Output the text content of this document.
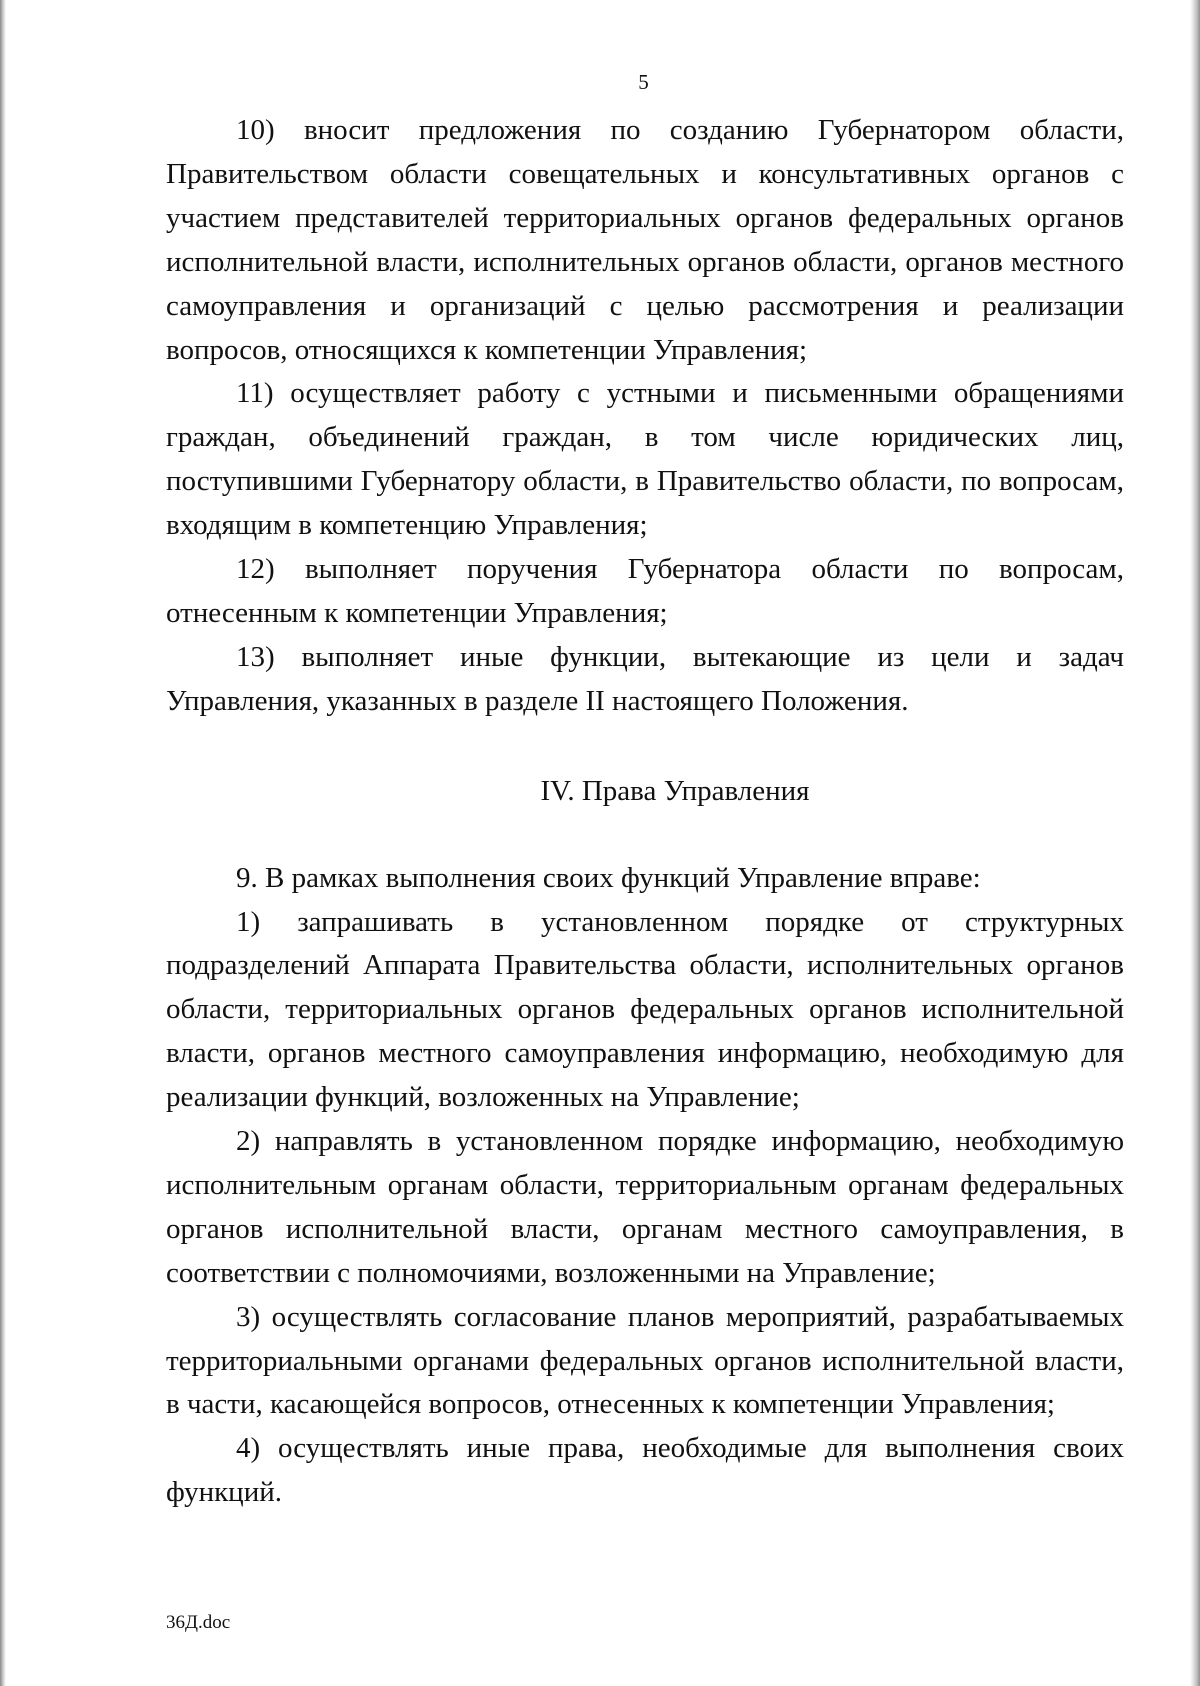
5

10) вносит предложения по созданию Губернатором области, Правительством области совещательных и консультативных органов с участием представителей территориальных органов федеральных органов исполнительной власти, исполнительных органов области, органов местного самоуправления и организаций с целью рассмотрения и реализации вопросов, относящихся к компетенции Управления;

11) осуществляет работу с устными и письменными обращениями граждан, объединений граждан, в том числе юридических лиц, поступившими Губернатору области, в Правительство области, по вопросам, входящим в компетенцию Управления;

12) выполняет поручения Губернатора области по вопросам, отнесенным к компетенции Управления;

13) выполняет иные функции, вытекающие из цели и задач Управления, указанных в разделе II настоящего Положения.

IV. Права Управления

9. В рамках выполнения своих функций Управление вправе:

1) запрашивать в установленном порядке от структурных подразделений Аппарата Правительства области, исполнительных органов области, территориальных органов федеральных органов исполнительной власти, органов местного самоуправления информацию, необходимую для реализации функций, возложенных на Управление;

2) направлять в установленном порядке информацию, необходимую исполнительным органам области, территориальным органам федеральных органов исполнительной власти, органам местного самоуправления, в соответствии с полномочиями, возложенными на Управление;

3) осуществлять согласование планов мероприятий, разрабатываемых территориальными органами федеральных органов исполнительной власти, в части, касающейся вопросов, отнесенных к компетенции Управления;

4) осуществлять иные права, необходимые для выполнения своих функций.

36Д.doc
